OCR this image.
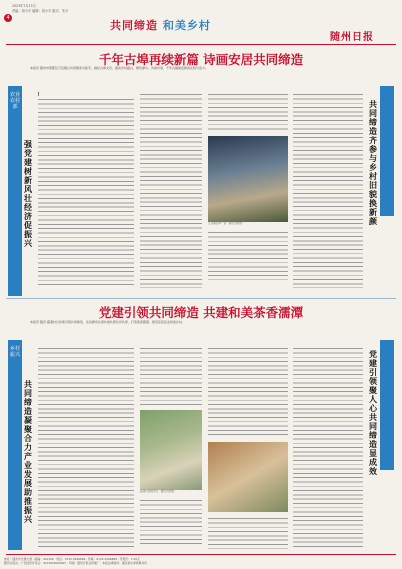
4
2023年7月13日
责编：周小平 编辑：周小平 版式：朱平
共同缔造 和美乡村
随州日报
千年古埠再续新篇 诗画安居共同缔造
本报讯 随州市曾都区万店镇以共同缔造为抓手，做好古埠文章，推动乡村振兴，群众参与、共建共享，千年古镇焕发新的生机与活力。
农业农村部
强党建树新风 壮经济促振兴
▎
万店镇古埠一景（通讯员供图）
共同缔造齐参与 乡村旧貌换新颜
党建引领共同缔造 共建和美茶香濡潭
本报讯 随县 濡潭村以党建引领共同缔造，发动群众共谋共建共管共评共享，打造茶香濡潭，建设宜居宜业和美乡村。
乡村振兴
共同缔造凝聚合力 产业发展助推振兴
濡潭村茶园风光（通讯员供图）
党建引领聚人心 共同缔造显成效
地址：随州市交通大道 · 邮编：441300 · 电话：0722-3266666 · 传真：0722-3266888 · 零售价：1.50元
随州日报社 · 广告经营许可证：4213004000007 · 印刷：随州日报社印刷厂 · 本报法律顾问：湖北楚乐律师事务所
